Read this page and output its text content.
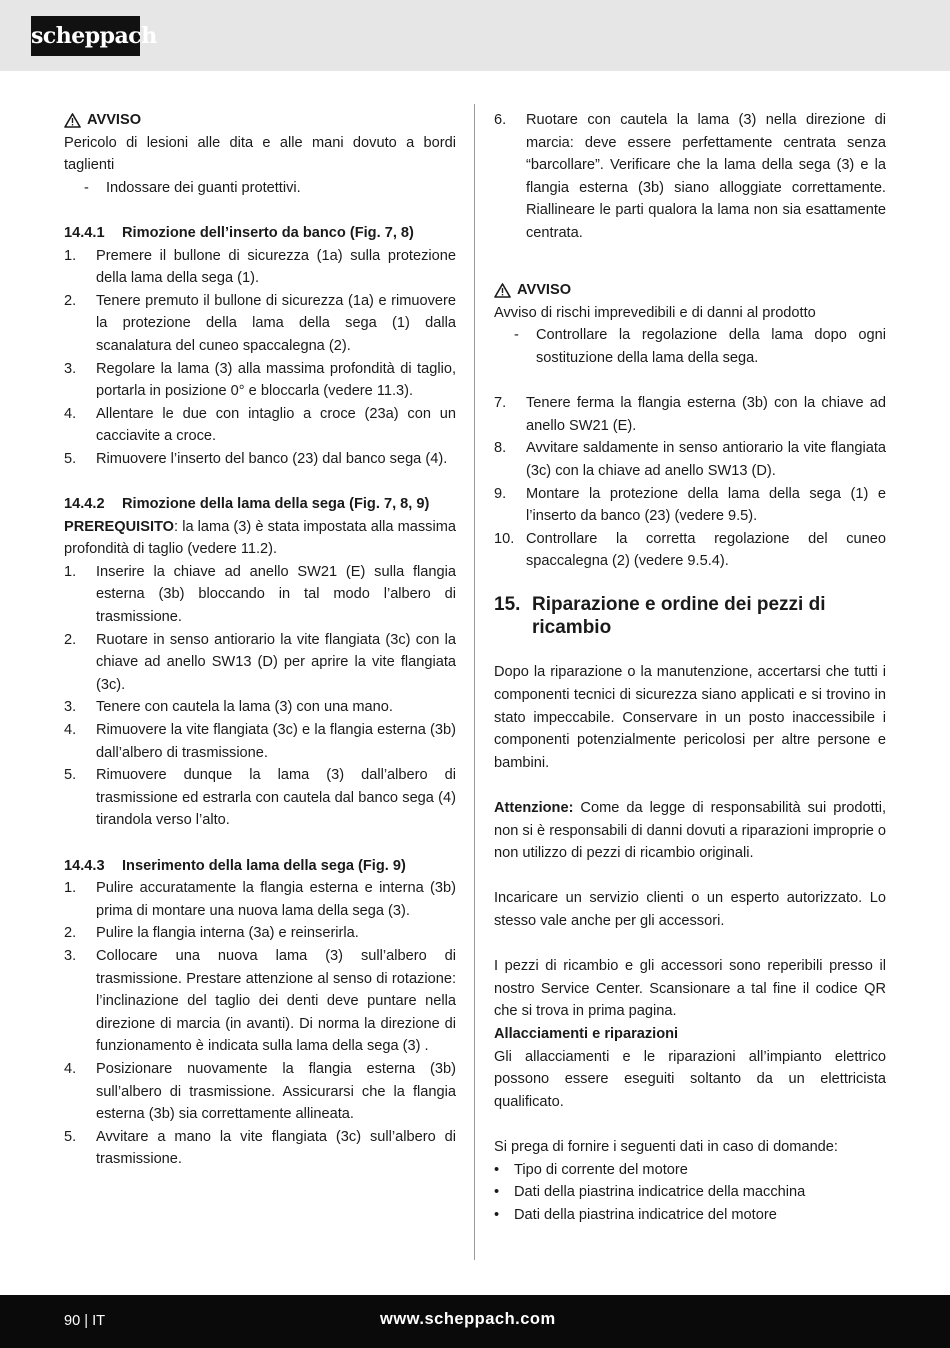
scheppach
AVVISO

Pericolo di lesioni alle dita e alle mani dovuto a bordi taglienti

-	Indossare dei guanti protettivi.
14.4.1 Rimozione dell’inserto da banco (Fig. 7, 8)
1.	Premere il bullone di sicurezza (1a) sulla protezione della lama della sega (1).
2.	Tenere premuto il bullone di sicurezza (1a) e rimuovere la protezione della lama della sega (1) dalla scanalatura del cuneo spaccalegna (2).
3.	Regolare la lama (3) alla massima profondità di taglio, portarla in posizione 0° e bloccarla (vedere 11.3).
4.	Allentare le due con intaglio a croce (23a) con un cacciavite a croce.
5.	Rimuovere l’inserto del banco (23) dal banco sega (4).
14.4.2 Rimozione della lama della sega (Fig. 7, 8, 9)

PREREQUISITO: la lama (3) è stata impostata alla massima profondità di taglio (vedere 11.2).

1.	Inserire la chiave ad anello SW21 (E) sulla flangia esterna (3b) bloccando in tal modo l’albero di trasmissione.
2.	Ruotare in senso antiorario la vite flangiata (3c) con la chiave ad anello SW13 (D) per aprire la vite flangiata (3c).
3.	Tenere con cautela la lama (3) con una mano.
4.	Rimuovere la vite flangiata (3c) e la flangia esterna (3b) dall’albero di trasmissione.
5.	Rimuovere dunque la lama (3) dall’albero di trasmissione ed estrarla con cautela dal banco sega (4) tirandola verso l’alto.
14.4.3 Inserimento della lama della sega (Fig. 9)
1.	Pulire accuratamente la flangia esterna e interna (3b) prima di montare una nuova lama della sega (3).
2.	Pulire la flangia interna (3a) e reinserirla.
3.	Collocare una nuova lama (3) sull’albero di trasmissione. Prestare attenzione al senso di rotazione: l’inclinazione del taglio dei denti deve puntare nella direzione di marcia (in avanti). Di norma la direzione di funzionamento è indicata sulla lama della sega (3) .
4.	Posizionare nuovamente la flangia esterna (3b) sull’albero di trasmissione. Assicurarsi che la flangia esterna (3b) sia correttamente allineata.
5.	Avvitare a mano la vite flangiata (3c) sull’albero di trasmissione.
6.	Ruotare con cautela la lama (3) nella direzione di marcia: deve essere perfettamente centrata senza “barcollare”. Verificare che la lama della sega (3) e la flangia esterna (3b) siano alloggiate correttamente. Riallineare le parti qualora la lama non sia esattamente centrata.
AVVISO

Avviso di rischi imprevedibili e di danni al prodotto

-	Controllare la regolazione della lama dopo ogni sostituzione della lama della sega.
7.	Tenere ferma la flangia esterna (3b) con la chiave ad anello SW21 (E).
8.	Avvitare saldamente in senso antiorario la vite flangiata (3c) con la chiave ad anello SW13 (D).
9.	Montare la protezione della lama della sega (1) e l’inserto da banco (23) (vedere 9.5).
10. Controllare la corretta regolazione del cuneo spaccalegna (2) (vedere 9.5.4).
15. Riparazione e ordine dei pezzi di ricambio

Dopo la riparazione o la manutenzione, accertarsi che tutti i componenti tecnici di sicurezza siano applicati e si trovino in stato impeccabile. Conservare in un posto inaccessibile i componenti potenzialmente pericolosi per altre persone e bambini.

Attenzione: Come da legge di responsabilità sui prodotti, non si è responsabili di danni dovuti a riparazioni improprie o non utilizzo di pezzi di ricambio originali.

Incaricare un servizio clienti o un esperto autorizzato. Lo stesso vale anche per gli accessori.

I pezzi di ricambio e gli accessori sono reperibili presso il nostro Service Center. Scansionare a tal fine il codice QR che si trova in prima pagina.

Allacciamenti e riparazioni

Gli allacciamenti e le riparazioni all’impianto elettrico possono essere eseguiti soltanto da un elettricista qualificato.

Si prega di fornire i seguenti dati in caso di domande:

•	Tipo di corrente del motore
•	Dati della piastrina indicatrice della macchina
•	Dati della piastrina indicatrice del motore
90 | IT	www.scheppach.com
